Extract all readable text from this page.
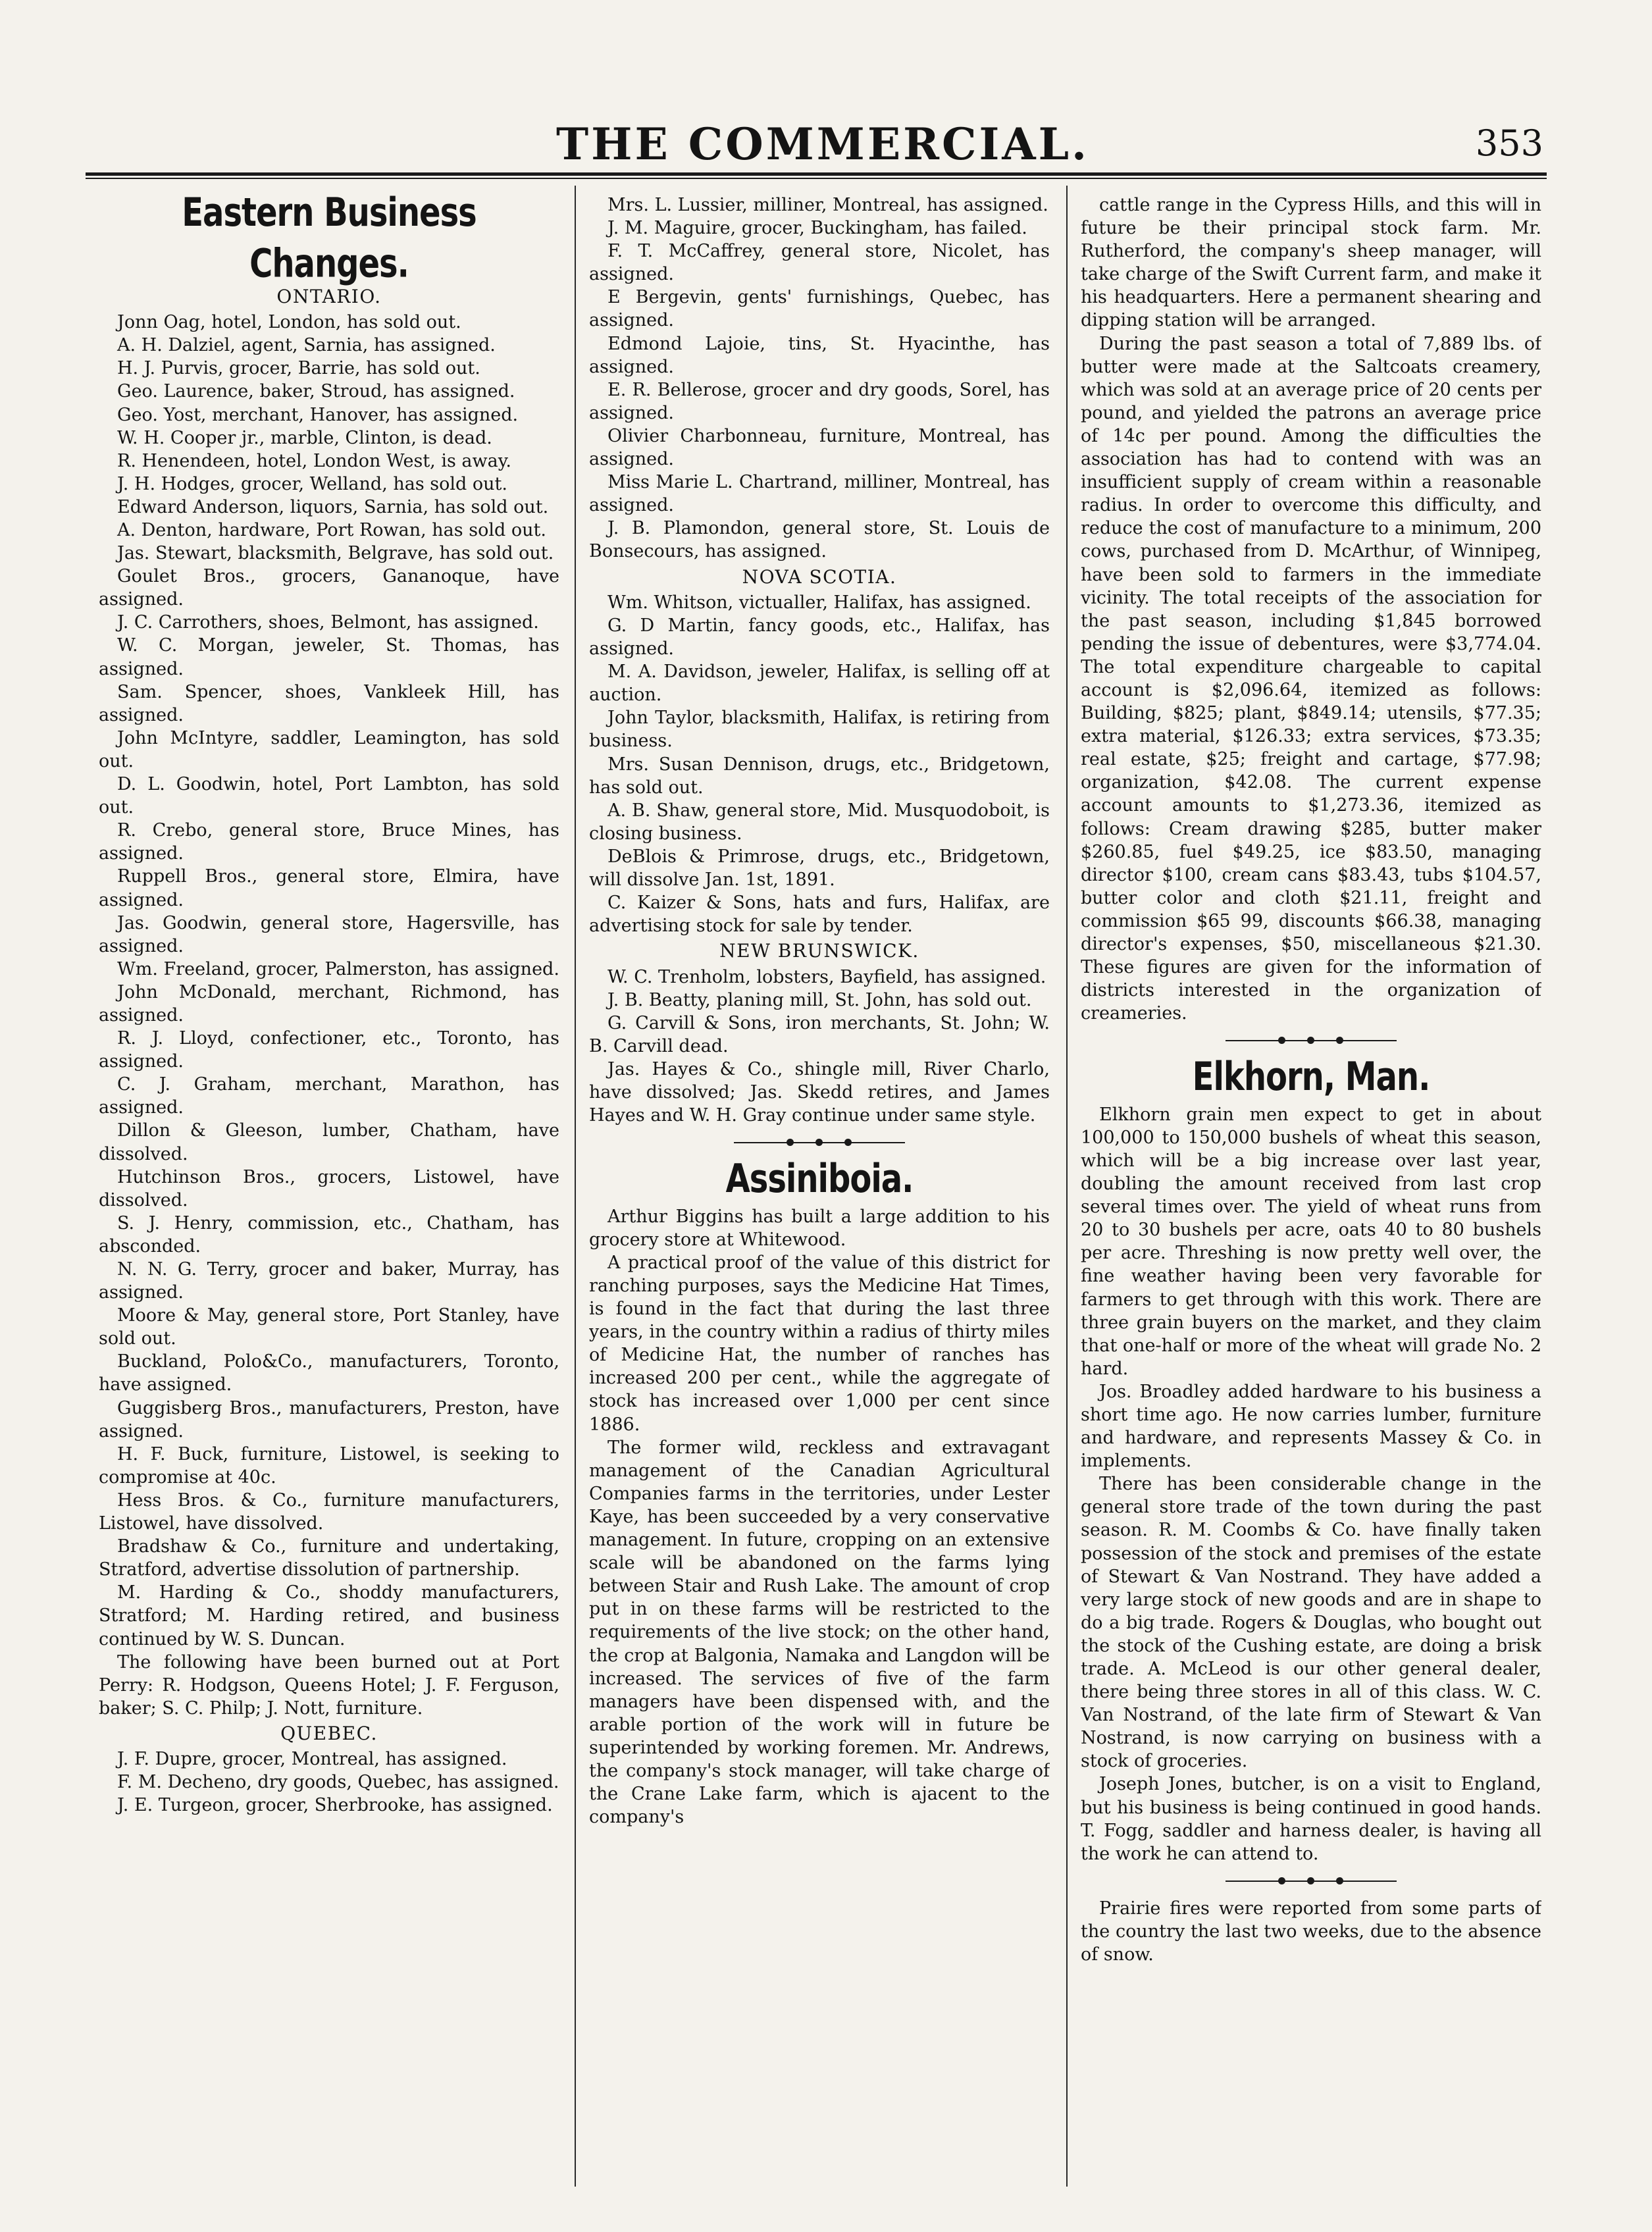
THE COMMERCIAL.	353
Eastern Business Changes.
ONTARIO.

Jonn Oag, hotel, London, has sold out.

A. H. Dalziel, agent, Sarnia, has assigned.

H. J. Purvis, grocer, Barrie, has sold out.

Geo. Laurence, baker, Stroud, has assigned.

Geo. Yost, merchant, Hanover, has assigned.

W. H. Cooper jr., marble, Clinton, is dead.

R. Henendeen, hotel, London West, is away.

J. H. Hodges, grocer, Welland, has sold out.

Edward Anderson, liquors, Sarnia, has sold out.

A. Denton, hardware, Port Rowan, has sold out.

Jas. Stewart, blacksmith, Belgrave, has sold out.

Goulet Bros., grocers, Gananoque, have assigned.

J. C. Carrothers, shoes, Belmont, has assigned.

W. C. Morgan, jeweler, St. Thomas, has assigned.

Sam. Spencer, shoes, Vankleek Hill, has assigned.

John McIntyre, saddler, Leamington, has sold out.

D. L. Goodwin, hotel, Port Lambton, has sold out.

R. Crebo, general store, Bruce Mines, has assigned.

Ruppell Bros., general store, Elmira, have assigned.

Jas. Goodwin, general store, Hagersville, has assigned.

Wm. Freeland, grocer, Palmerston, has assigned.

John McDonald, merchant, Richmond, has assigned.

R. J. Lloyd, confectioner, etc., Toronto, has assigned.

C. J. Graham, merchant, Marathon, has assigned.

Dillon & Gleeson, lumber, Chatham, have dissolved.

Hutchinson Bros., grocers, Listowel, have dissolved.

S. J. Henry, commission, etc., Chatham, has absconded.

N. N. G. Terry, grocer and baker, Murray, has assigned.

Moore & May, general store, Port Stanley, have sold out.

Buckland, Polo&Co., manufacturers, Toronto, have assigned.

Guggisberg Bros., manufacturers, Preston, have assigned.

H. F. Buck, furniture, Listowel, is seeking to compromise at 40c.

Hess Bros. & Co., furniture manufacturers, Listowel, have dissolved.

Bradshaw & Co., furniture and undertaking, Stratford, advertise dissolution of partnership.

M. Harding & Co., shoddy manufacturers, Stratford; M. Harding retired, and business continued by W. S. Duncan.

The following have been burned out at Port Perry: R. Hodgson, Queens Hotel; J. F. Ferguson, baker; S. C. Philp; J. Nott, furniture.

QUEBEC.

J. F. Dupre, grocer, Montreal, has assigned.

F. M. Decheno, dry goods, Quebec, has assigned.

J. E. Turgeon, grocer, Sherbrooke, has assigned.

Mrs. L. Lussier, milliner, Montreal, has assigned.

J. M. Maguire, grocer, Buckingham, has failed.

F. T. McCaffrey, general store, Nicolet, has assigned.

E Bergevin, gents' furnishings, Quebec, has assigned.

Edmond Lajoie, tins, St. Hyacinthe, has assigned.

E. R. Bellerose, grocer and dry goods, Sorel, has assigned.

Olivier Charbonneau, furniture, Montreal, has assigned.

Miss Marie L. Chartrand, milliner, Montreal, has assigned.

J. B. Plamondon, general store, St. Louis de Bonsecours, has assigned.

NOVA SCOTIA.

Wm. Whitson, victualler, Halifax, has assigned.

G. D Martin, fancy goods, etc., Halifax, has assigned.

M. A. Davidson, jeweler, Halifax, is selling off at auction.

John Taylor, blacksmith, Halifax, is retiring from business.

Mrs. Susan Dennison, drugs, etc., Bridgetown, has sold out.

A. B. Shaw, general store, Mid. Musquodoboit, is closing business.

DeBlois & Primrose, drugs, etc., Bridgetown, will dissolve Jan. 1st, 1891.

C. Kaizer & Sons, hats and furs, Halifax, are advertising stock for sale by tender.

NEW BRUNSWICK.

W. C. Trenholm, lobsters, Bayfield, has assigned.

J. B. Beatty, planing mill, St. John, has sold out.

G. Carvill & Sons, iron merchants, St. John; W. B. Carvill dead.

Jas. Hayes & Co., shingle mill, River Charlo, have dissolved; Jas. Skedd retires, and James Hayes and W. H. Gray continue under same style.

Assiniboia.

Arthur Biggins has built a large addition to his grocery store at Whitewood.

A practical proof of the value of this district for ranching purposes, says the Medicine Hat Times, is found in the fact that during the last three years, in the country within a radius of thirty miles of Medicine Hat, the number of ranches has increased 200 per cent., while the aggregate of stock has increased over 1,000 per cent since 1886.

The former wild, reckless and extravagant management of the Canadian Agricultural Companies farms in the territories, under Lester Kaye, has been succeeded by a very conservative management. In future, cropping on an extensive scale will be abandoned on the farms lying between Stair and Rush Lake. The amount of crop put in on these farms will be restricted to the requirements of the live stock; on the other hand, the crop at Balgonia, Namaka and Langdon will be increased. The services of five of the farm managers have been dispensed with, and the arable portion of the work will in future be superintended by working foremen. Mr. Andrews, the company's stock manager, will take charge of the Crane Lake farm, which is ajacent to the company's

cattle range in the Cypress Hills, and this will in future be their principal stock farm. Mr. Rutherford, the company's sheep manager, will take charge of the Swift Current farm, and make it his headquarters. Here a permanent shearing and dipping station will be arranged.

During the past season a total of 7,889 lbs. of butter were made at the Saltcoats creamery, which was sold at an average price of 20 cents per pound, and yielded the patrons an average price of 14c per pound. Among the difficulties the association has had to contend with was an insufficient supply of cream within a reasonable radius. In order to overcome this difficulty, and reduce the cost of manufacture to a minimum, 200 cows, purchased from D. McArthur, of Winnipeg, have been sold to farmers in the immediate vicinity. The total receipts of the association for the past season, including $1,845 borrowed pending the issue of debentures, were $3,774.04. The total expenditure chargeable to capital account is $2,096.64, itemized as follows: Building, $825; plant, $849.14; utensils, $77.35; extra material, $126.33; extra services, $73.35; real estate, $25; freight and cartage, $77.98; organization, $42.08. The current expense account amounts to $1,273.36, itemized as follows: Cream drawing $285, butter maker $260.85, fuel $49.25, ice $83.50, managing director $100, cream cans $83.43, tubs $104.57, butter color and cloth $21.11, freight and commission $65 99, discounts $66.38, managing director's expenses, $50, miscellaneous $21.30. These figures are given for the information of districts interested in the organization of creameries.

Elkhorn, Man.

Elkhorn grain men expect to get in about 100,000 to 150,000 bushels of wheat this season, which will be a big increase over last year, doubling the amount received from last crop several times over. The yield of wheat runs from 20 to 30 bushels per acre, oats 40 to 80 bushels per acre. Threshing is now pretty well over, the fine weather having been very favorable for farmers to get through with this work. There are three grain buyers on the market, and they claim that one-half or more of the wheat will grade No. 2 hard.

Jos. Broadley added hardware to his business a short time ago. He now carries lumber, furniture and hardware, and represents Massey & Co. in implements.

There has been considerable change in the general store trade of the town during the past season. R. M. Coombs & Co. have finally taken possession of the stock and premises of the estate of Stewart & Van Nostrand. They have added a very large stock of new goods and are in shape to do a big trade. Rogers & Douglas, who bought out the stock of the Cushing estate, are doing a brisk trade. A. McLeod is our other general dealer, there being three stores in all of this class. W. C. Van Nostrand, of the late firm of Stewart & Van Nostrand, is now carrying on business with a stock of groceries.

Joseph Jones, butcher, is on a visit to England, but his business is being continued in good hands. T. Fogg, saddler and harness dealer, is having all the work he can attend to.

Prairie fires were reported from some parts of the country the last two weeks, due to the absence of snow.
